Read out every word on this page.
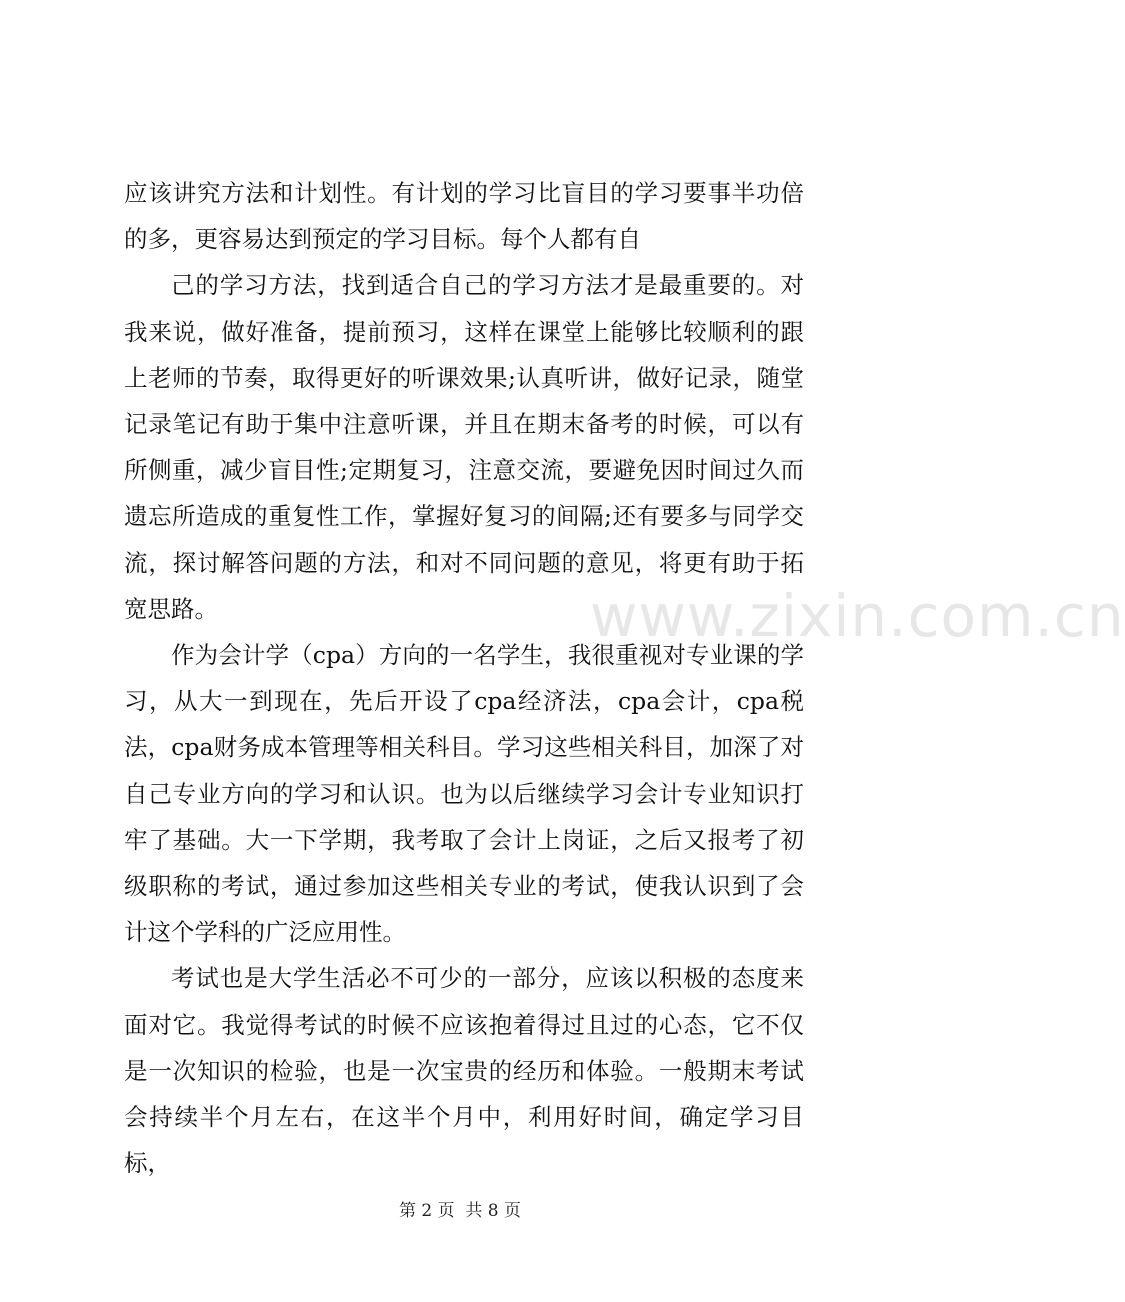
www.zixin.com.cn

应该讲究方法和计划性。有计划的学习比盲目的学习要事半功倍的多，更容易达到预定的学习目标。每个人都有自

己的学习方法，找到适合自己的学习方法才是最重要的。对我来说，做好准备，提前预习，这样在课堂上能够比较顺利的跟上老师的节奏，取得更好的听课效果;认真听讲，做好记录，随堂记录笔记有助于集中注意听课，并且在期末备考的时候，可以有所侧重，减少盲目性;定期复习，注意交流，要避免因时间过久而遗忘所造成的重复性工作，掌握好复习的间隔;还有要多与同学交流，探讨解答问题的方法，和对不同问题的意见，将更有助于拓宽思路。

作为会计学（cpa）方向的一名学生，我很重视对专业课的学习，从大一到现在，先后开设了cpa经济法，cpa会计，cpa税法，cpa财务成本管理等相关科目。学习这些相关科目，加深了对自己专业方向的学习和认识。也为以后继续学习会计专业知识打牢了基础。大一下学期，我考取了会计上岗证，之后又报考了初级职称的考试，通过参加这些相关专业的考试，使我认识到了会计这个学科的广泛应用性。

考试也是大学生活必不可少的一部分，应该以积极的态度来面对它。我觉得考试的时候不应该抱着得过且过的心态，它不仅是一次知识的检验，也是一次宝贵的经历和体验。一般期末考试会持续半个月左右，在这半个月中，利用好时间，确定学习目标，

第 2 页  共 8 页
